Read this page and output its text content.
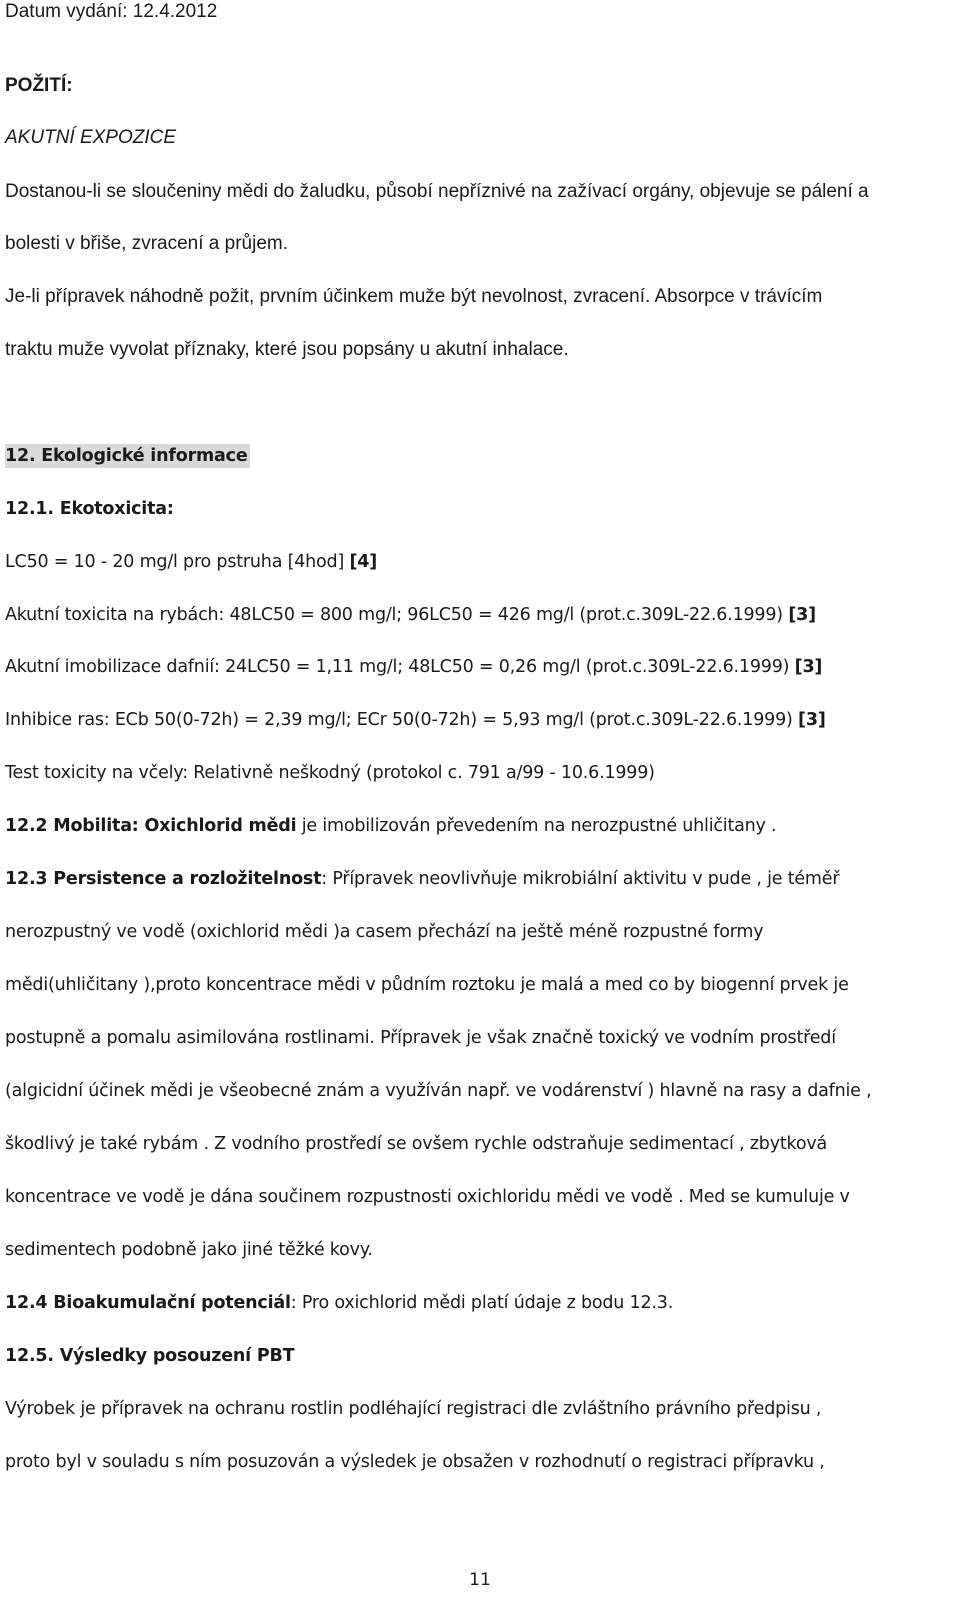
Datum vydání: 12.4.2012
POŽITÍ:
AKUTNÍ EXPOZICE
Dostanou-li se sloučeniny mědi do žaludku, působí nepříznivé na zažívací orgány, objevuje se pálení a
bolesti v břiše, zvracení a průjem.
Je-li přípravek náhodně požit, prvním účinkem muže být nevolnost, zvracení. Absorpce v trávícím
traktu muže vyvolat příznaky, které jsou popsány u akutní inhalace.
12. Ekologické informace
12.1. Ekotoxicita:
LC50 = 10 - 20 mg/l pro pstruha [4hod] [4]
Akutní toxicita na rybách: 48LC50 = 800 mg/l; 96LC50 = 426 mg/l (prot.c.309L-22.6.1999) [3]
Akutní imobilizace dafnií: 24LC50 = 1,11 mg/l; 48LC50 = 0,26 mg/l (prot.c.309L-22.6.1999) [3]
Inhibice ras: ECb 50(0-72h) = 2,39 mg/l; ECr 50(0-72h) = 5,93 mg/l (prot.c.309L-22.6.1999) [3]
Test toxicity na včely: Relativně neškodný (protokol c. 791 a/99 - 10.6.1999)
12.2 Mobilita: Oxichlorid mědi je imobilizován převedením na nerozpustné uhličitany .
12.3 Persistence a rozložitelnost: Přípravek neovlivňuje mikrobiální aktivitu v pude , je téměř
nerozpustný ve vodě (oxichlorid mědi )a casem přechází na ještě méně rozpustné formy
mědi(uhličitany ),proto koncentrace mědi v půdním roztoku je malá a med co by biogenní prvek je
postupně a pomalu asimilována rostlinami. Přípravek je však značně toxický ve vodním prostředí
(algicidní účinek mědi je všeobecné znám a využíván např. ve vodárenství ) hlavně na rasy a dafnie ,
škodlivý je také rybám . Z vodního prostředí se ovšem rychle odstraňuje sedimentací , zbytková
koncentrace ve vodě je dána součinem rozpustnosti oxichloridu mědi ve vodě . Med se kumuluje v
sedimentech podobně jako jiné těžké kovy.
12.4 Bioakumulační potenciál: Pro oxichlorid mědi platí údaje z bodu 12.3.
12.5. Výsledky posouzení PBT
Výrobek je přípravek na ochranu rostlin podléhající registraci dle zvláštního právního předpisu ,
proto byl v souladu s ním posuzován a výsledek je obsažen v rozhodnutí o registraci přípravku ,
11
